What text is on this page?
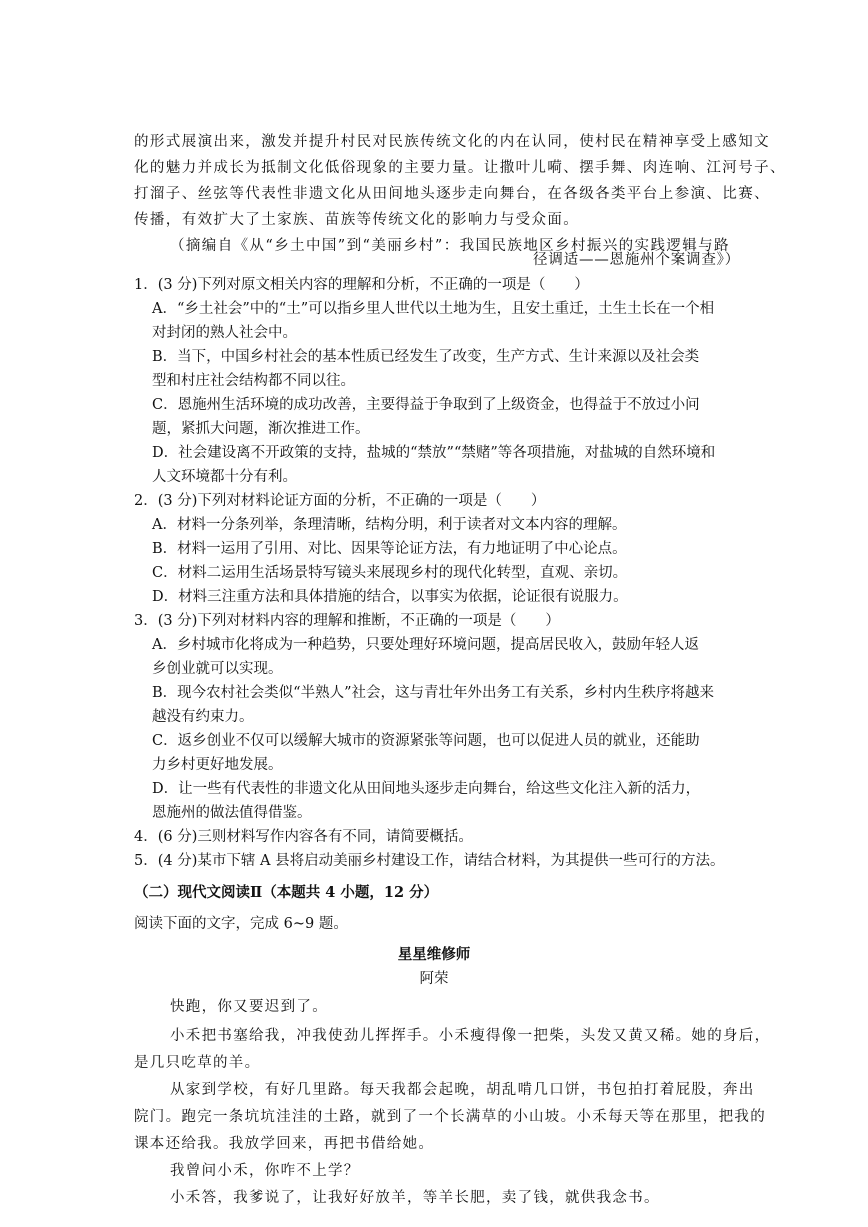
的形式展演出来，激发并提升村民对民族传统文化的内在认同，使村民在精神享受上感知文
化的魅力并成长为抵制文化低俗现象的主要力量。让撒叶儿嗬、摆手舞、肉连响、江河号子、
打溜子、丝弦等代表性非遗文化从田间地头逐步走向舞台，在各级各类平台上参演、比赛、
传播，有效扩大了土家族、苗族等传统文化的影响力与受众面。
（摘编自《从“乡土中国”到“美丽乡村”：我国民族地区乡村振兴的实践逻辑与路
径调适——恩施州个案调查》）
1．(3 分)下列对原文相关内容的理解和分析，不正确的一项是（　　）
A．“乡土社会”中的“土”可以指乡里人世代以土地为生，且安土重迁，土生土长在一个相
对封闭的熟人社会中。
B．当下，中国乡村社会的基本性质已经发生了改变，生产方式、生计来源以及社会类
型和村庄社会结构都不同以往。
C．恩施州生活环境的成功改善，主要得益于争取到了上级资金，也得益于不放过小问
题，紧抓大问题，渐次推进工作。
D．社会建设离不开政策的支持，盐城的“禁放”“禁赌”等各项措施，对盐城的自然环境和
人文环境都十分有利。
2．(3 分)下列对材料论证方面的分析，不正确的一项是（　　）
A．材料一分条列举，条理清晰，结构分明，利于读者对文本内容的理解。
B．材料一运用了引用、对比、因果等论证方法，有力地证明了中心论点。
C．材料二运用生活场景特写镜头来展现乡村的现代化转型，直观、亲切。
D．材料三注重方法和具体措施的结合，以事实为依据，论证很有说服力。
3．(3 分)下列对材料内容的理解和推断，不正确的一项是（　　）
A．乡村城市化将成为一种趋势，只要处理好环境问题，提高居民收入，鼓励年轻人返
乡创业就可以实现。
B．现今农村社会类似“半熟人”社会，这与青壮年外出务工有关系，乡村内生秩序将越来
越没有约束力。
C．返乡创业不仅可以缓解大城市的资源紧张等问题，也可以促进人员的就业，还能助
力乡村更好地发展。
D．让一些有代表性的非遗文化从田间地头逐步走向舞台，给这些文化注入新的活力，
恩施州的做法值得借鉴。
4．(6 分)三则材料写作内容各有不同，请简要概括。
5．(4 分)某市下辖 A 县将启动美丽乡村建设工作，请结合材料，为其提供一些可行的方法。
（二）现代文阅读Ⅱ（本题共 4 小题，12 分）
阅读下面的文字，完成 6~9 题。
星星维修师
阿荣
快跑，你又要迟到了。
小禾把书塞给我，冲我使劲儿挥挥手。小禾瘦得像一把柴，头发又黄又稀。她的身后，
是几只吃草的羊。
从家到学校，有好几里路。每天我都会起晚，胡乱啃几口饼，书包拍打着屁股，奔出
院门。跑完一条坑坑洼洼的土路，就到了一个长满草的小山坡。小禾每天等在那里，把我的
课本还给我。我放学回来，再把书借给她。
我曾问小禾，你咋不上学？
小禾答，我爹说了，让我好好放羊，等羊长肥，卖了钱，就供我念书。
